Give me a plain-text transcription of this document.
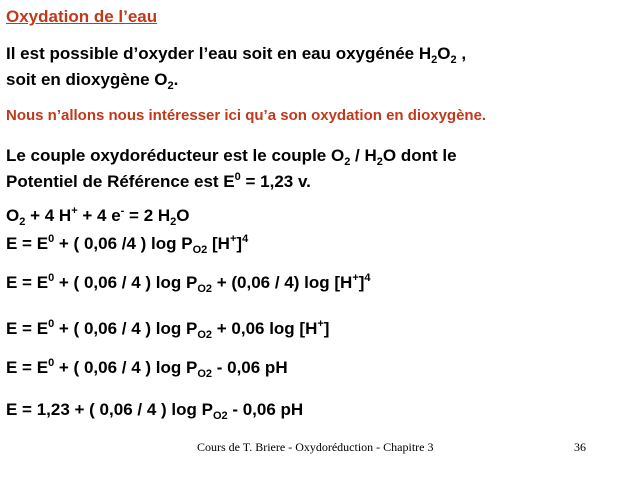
Oxydation de l’eau
Il est possible d’oxyder l’eau soit en eau oxygénée $H_2O_2$ ,
soit en dioxygène $O_2$.
Nous n’allons nous intéresser ici qu’a son oxydation en dioxygène.
Le couple oxydoréducteur est le couple $O_2 / H_2O$ dont le
Potentiel de Référence est $E^0 = 1,23$ v.
$O_2 + 4$ H+ + 4 e- = 2 $H_2O$
$E = E^0$ + ( 0,06 /4 ) $\log P_{O2}$ $[H^+]^4$
$E = E^0$ + ( 0,06 / 4 ) $\log P_{O2} + (0,06 / 4)$ $\log [H^+]^4$
$E = E^0$ + ( 0,06 / 4 ) $\log P_{O2} + 0,06$ log [H+]
$E = E^0$ + ( 0,06 / 4 ) $\log P_{O2} - 0,06$ pH
E = 1,23 + ( 0,06 / 4 ) $\log P_{O2} - 0,06$ pH
Cours de T. Briere - Oxydoréduction - Chapitre 3	36
